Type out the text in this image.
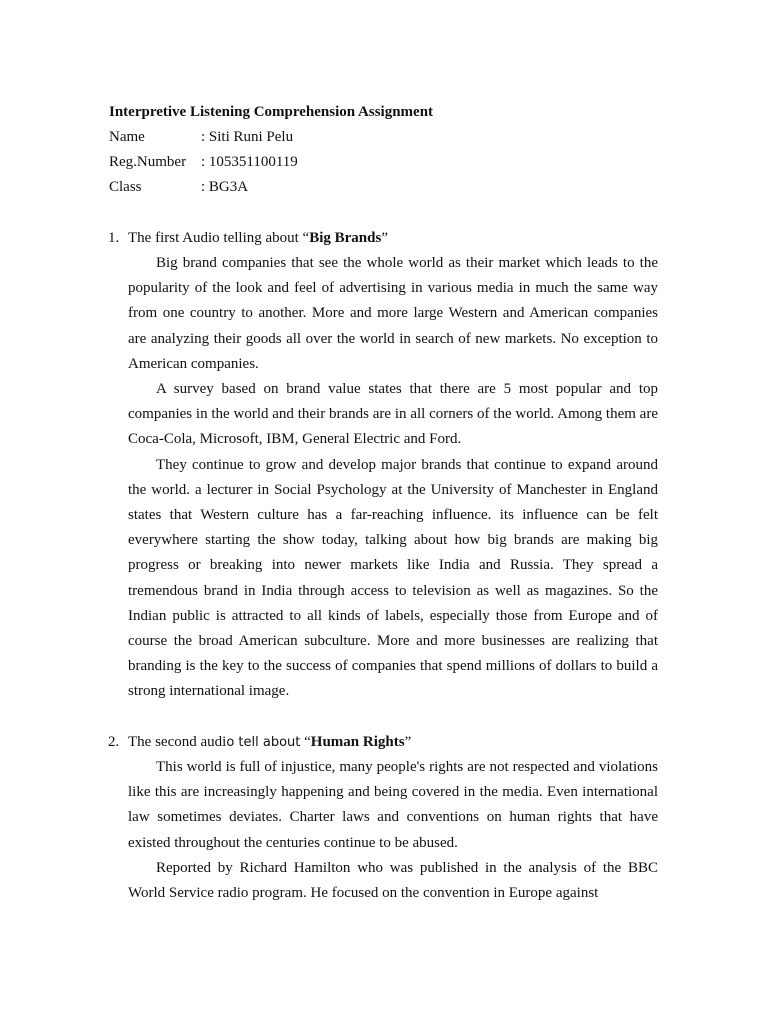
Interpretive Listening Comprehension Assignment
Name	: Siti Runi Pelu
Reg.Number : 105351100119
Class	: BG3A
1. The first Audio telling about “Big Brands”

Big brand companies that see the whole world as their market which leads to the popularity of the look and feel of advertising in various media in much the same way from one country to another. More and more large Western and American companies are analyzing their goods all over the world in search of new markets. No exception to American companies.

A survey based on brand value states that there are 5 most popular and top companies in the world and their brands are in all corners of the world. Among them are Coca-Cola, Microsoft, IBM, General Electric and Ford.

They continue to grow and develop major brands that continue to expand around the world. a lecturer in Social Psychology at the University of Manchester in England states that Western culture has a far-reaching influence. its influence can be felt everywhere starting the show today, talking about how big brands are making big progress or breaking into newer markets like India and Russia. They spread a tremendous brand in India through access to television as well as magazines. So the Indian public is attracted to all kinds of labels, especially those from Europe and of course the broad American subculture. More and more businesses are realizing that branding is the key to the success of companies that spend millions of dollars to build a strong international image.

2. The second audio tell about “Human Rights”

This world is full of injustice, many people's rights are not respected and violations like this are increasingly happening and being covered in the media. Even international law sometimes deviates. Charter laws and conventions on human rights that have existed throughout the centuries continue to be abused.

Reported by Richard Hamilton who was published in the analysis of the BBC World Service radio program. He focused on the convention in Europe against
